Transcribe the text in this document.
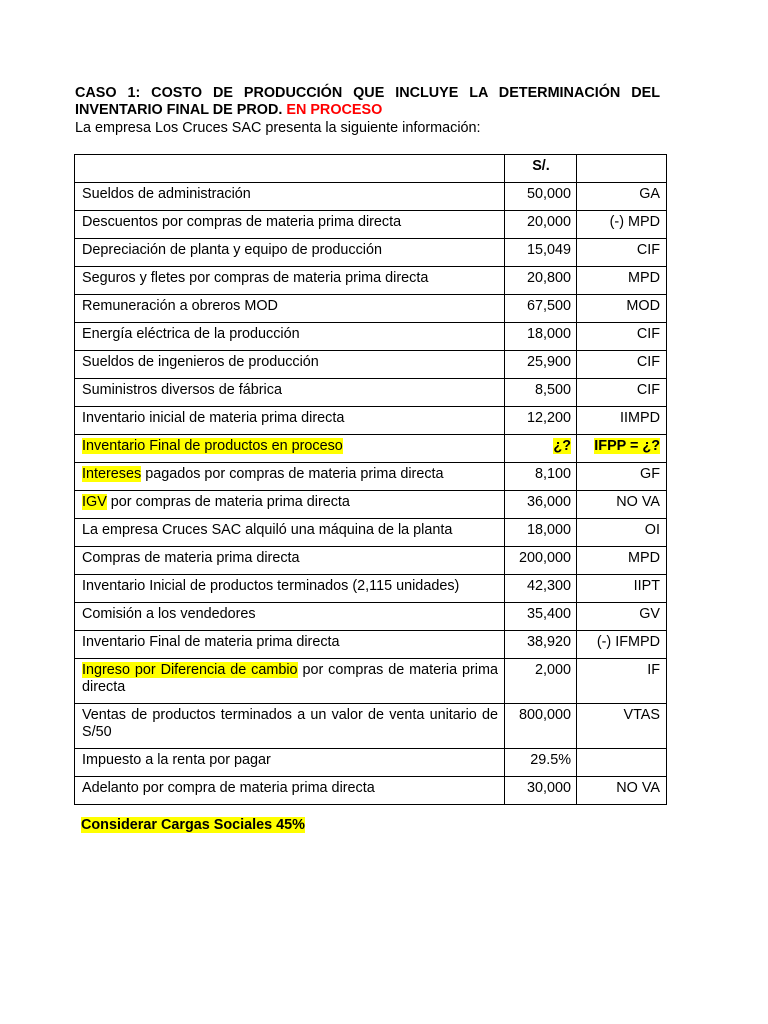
CASO 1: COSTO DE PRODUCCIÓN QUE INCLUYE LA DETERMINACIÓN DEL INVENTARIO FINAL DE PROD. EN PROCESO
La empresa Los Cruces SAC presenta la siguiente información:
	S/.	
Sueldos de administración	50,000	GA
Descuentos por compras de materia prima directa	20,000	(-) MPD
Depreciación de planta y equipo de producción	15,049	CIF
Seguros y fletes por compras de materia prima directa	20,800	MPD
Remuneración a obreros MOD	67,500	MOD
Energía eléctrica de la producción	18,000	CIF
Sueldos de ingenieros de producción	25,900	CIF
Suministros diversos de fábrica	8,500	CIF
Inventario inicial de materia prima directa	12,200	IIMPD
Inventario Final de productos en proceso	¿?	IFPP = ¿?
Intereses pagados por compras de materia prima directa	8,100	GF
IGV por compras de materia prima directa	36,000	NO VA
La empresa Cruces SAC alquiló una máquina de la planta	18,000	OI
Compras de materia prima directa	200,000	MPD
Inventario Inicial de productos terminados (2,115 unidades)	42,300	IIPT
Comisión a los vendedores	35,400	GV
Inventario Final de materia prima directa	38,920	(-) IFMPD
Ingreso por Diferencia de cambio por compras de materia prima directa	2,000	IF
Ventas de productos terminados a un valor de venta unitario de S/50	800,000	VTAS
Impuesto a la renta por pagar	29.5%	
Adelanto por compra de materia prima directa	30,000	NO VA
Considerar Cargas Sociales 45%
